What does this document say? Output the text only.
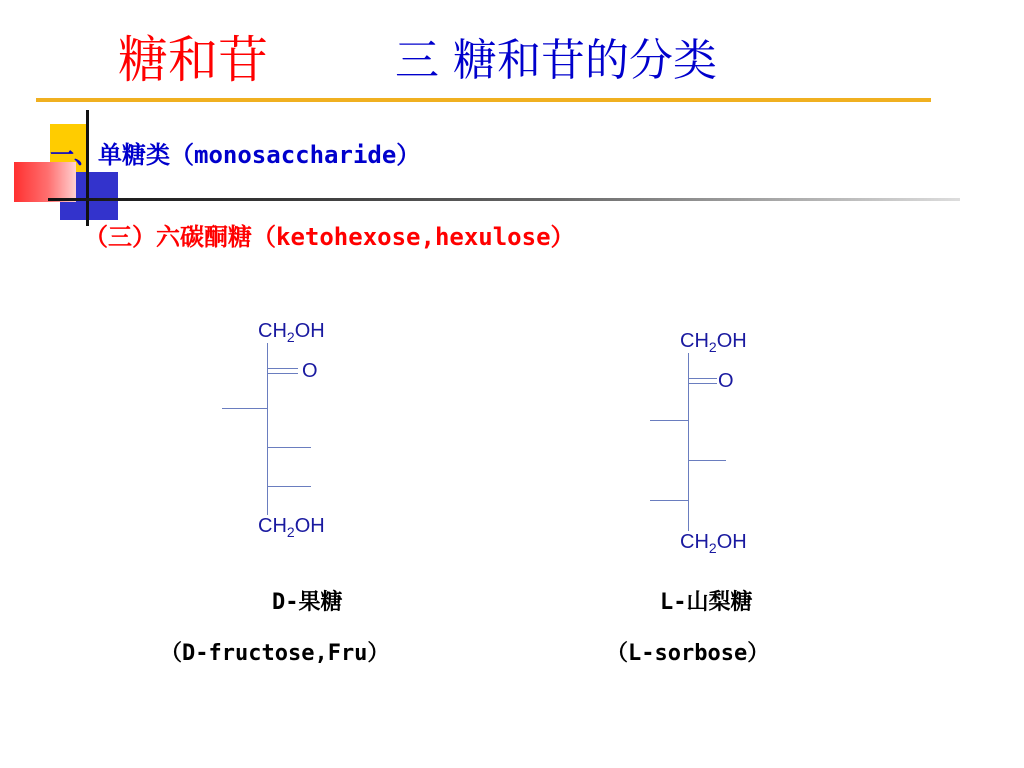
糖和苷	三 糖和苷的分类
一、单糖类（monosaccharide）
（三）六碳酮糖（ketohexose,hexulose）
$CH_2OH$
O
$CH_2OH$
$CH_2OH$
O
$CH_2OH$
D-果糖
（D-fructose,Fru）
L-山梨糖
（L-sorbose）
